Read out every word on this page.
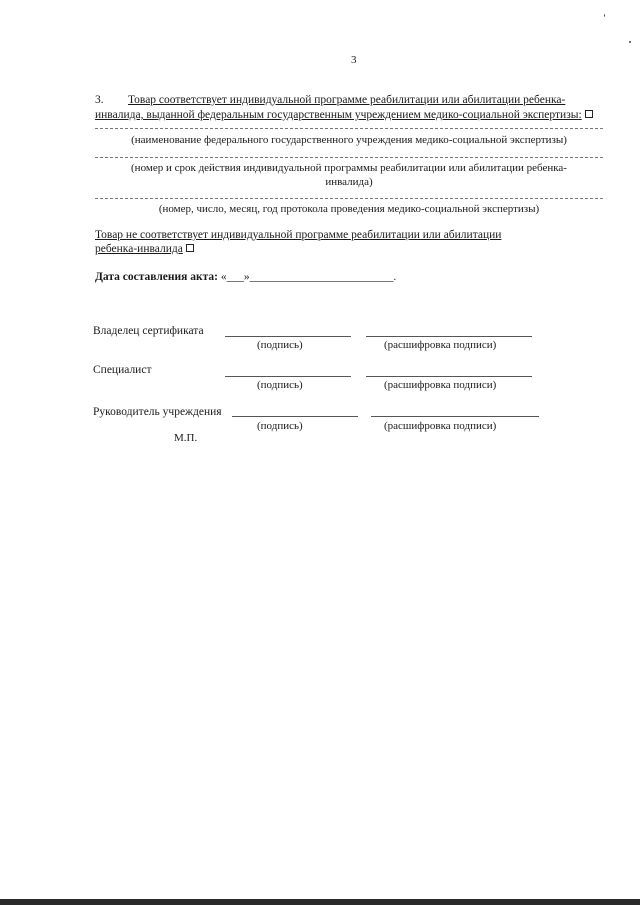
3
3. Товар соответствует индивидуальной программе реабилитации или абилитации ребенка-
инвалида, выданной федеральным государственным учреждением медико-социальной экспертизы:
(наименование федерального государственного учреждения медико-социальной экспертизы)
(номер и срок действия индивидуальной программы реабилитации или абилитации ребенка-
инвалида)
(номер, число, месяц, год протокола проведения медико-социальной экспертизы)
Товар не соответствует индивидуальной программе реабилитации или абилитации
ребенка-инвалида
Дата составления акта: «___»_________________________.
Владелец сертификата
(подпись)	(расшифровка подписи)
Специалист
(подпись)	(расшифровка подписи)
Руководитель учреждения
(подпись)	(расшифровка подписи)
М.П.
